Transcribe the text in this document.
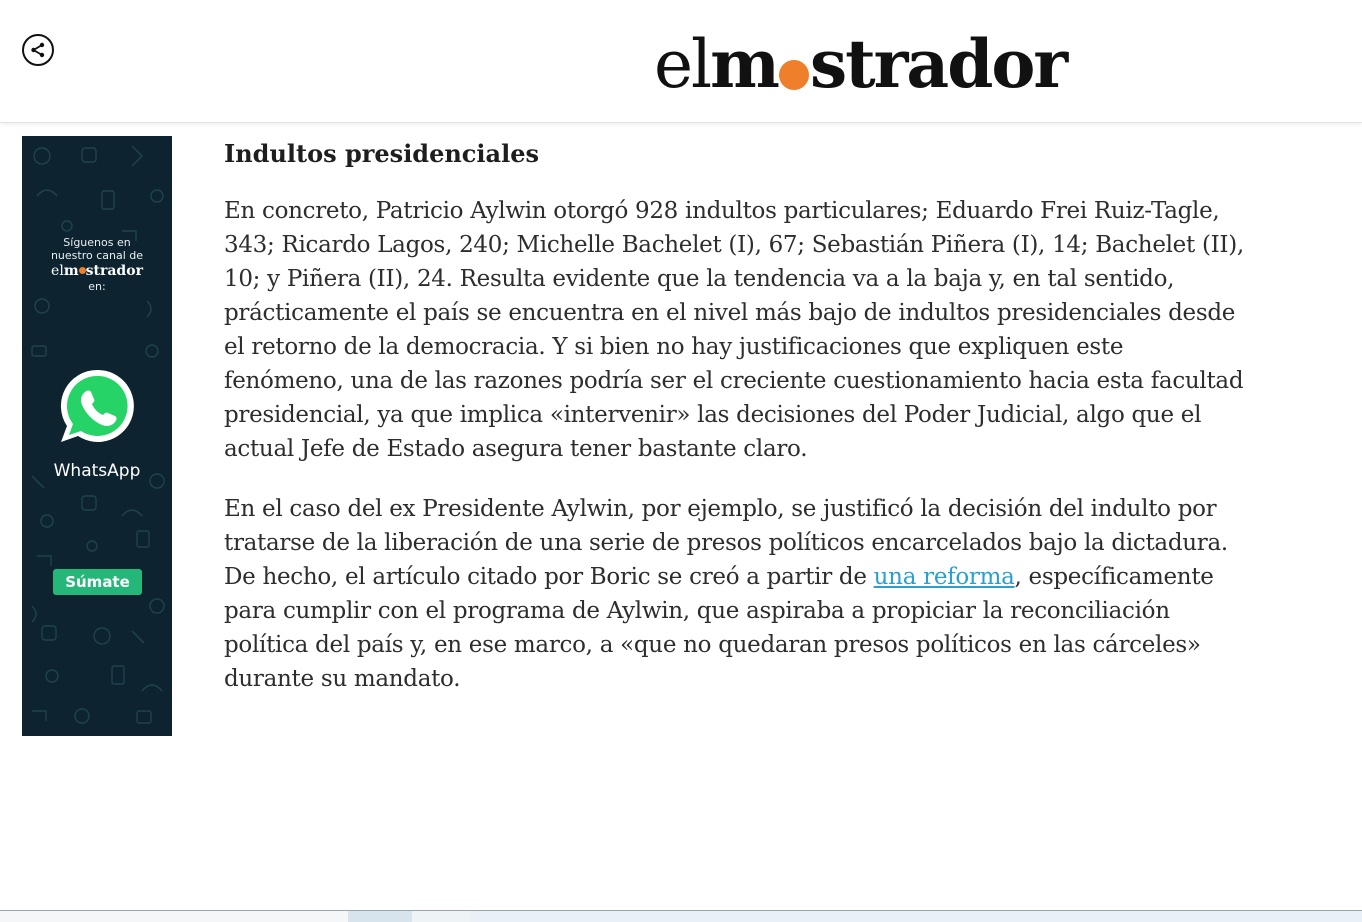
elm strador
Síguenos en
nuestro canal de
elm strador
en:
WhatsApp
Súmate
Indultos presidenciales

En concreto, Patricio Aylwin otorgó 928 indultos particulares; Eduardo Frei Ruiz-Tagle, 343; Ricardo Lagos, 240; Michelle Bachelet (I), 67; Sebastián Piñera (I), 14; Bachelet (II), 10; y Piñera (II), 24. Resulta evidente que la tendencia va a la baja y, en tal sentido, prácticamente el país se encuentra en el nivel más bajo de indultos presidenciales desde el retorno de la democracia. Y si bien no hay justificaciones que expliquen este fenómeno, una de las razones podría ser el creciente cuestionamiento hacia esta facultad presidencial, ya que implica «intervenir» las decisiones del Poder Judicial, algo que el actual Jefe de Estado asegura tener bastante claro.

En el caso del ex Presidente Aylwin, por ejemplo, se justificó la decisión del indulto por tratarse de la liberación de una serie de presos políticos encarcelados bajo la dictadura. De hecho, el artículo citado por Boric se creó a partir de una reforma, específicamente para cumplir con el programa de Aylwin, que aspiraba a propiciar la reconciliación política del país y, en ese marco, a «que no quedaran presos políticos en las cárceles» durante su mandato.
